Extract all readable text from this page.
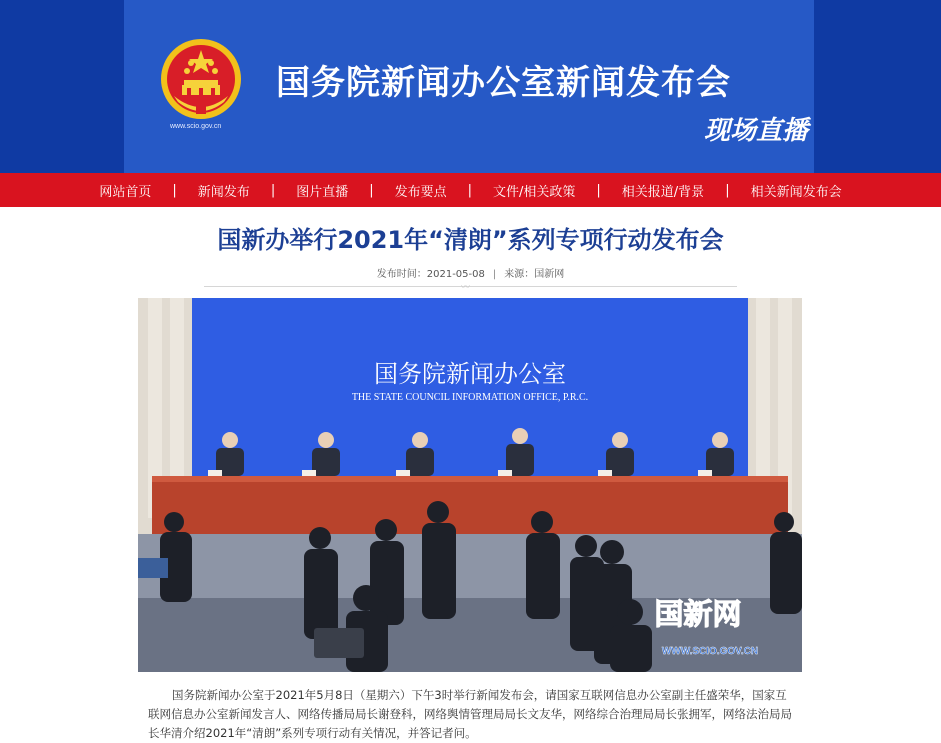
www.scio.gov.cn
国务院新闻办公室新闻发布会
现场直播
网站首页 | 新闻发布 | 图片直播 | 发布要点 | 文件/相关政策 | 相关报道/背景 | 相关新闻发布会
国新办举行2021年“清朗”系列专项行动发布会
发布时间：2021-05-08 | 来源：国新网
〰
国务院新闻办公室
THE STATE COUNCIL INFORMATION OFFICE, P.R.C.
国新网
WWW.SCIO.GOV.CN
国务院新闻办公室于2021年5月8日（星期六）下午3时举行新闻发布会，请国家互联网信息办公室副主任盛荣华，国家互联网信息办公室新闻发言人、网络传播局局长谢登科，网络舆情管理局局长文友华，网络综合治理局局长张拥军，网络法治局局长华清介绍2021年“清朗”系列专项行动有关情况，并答记者问。
